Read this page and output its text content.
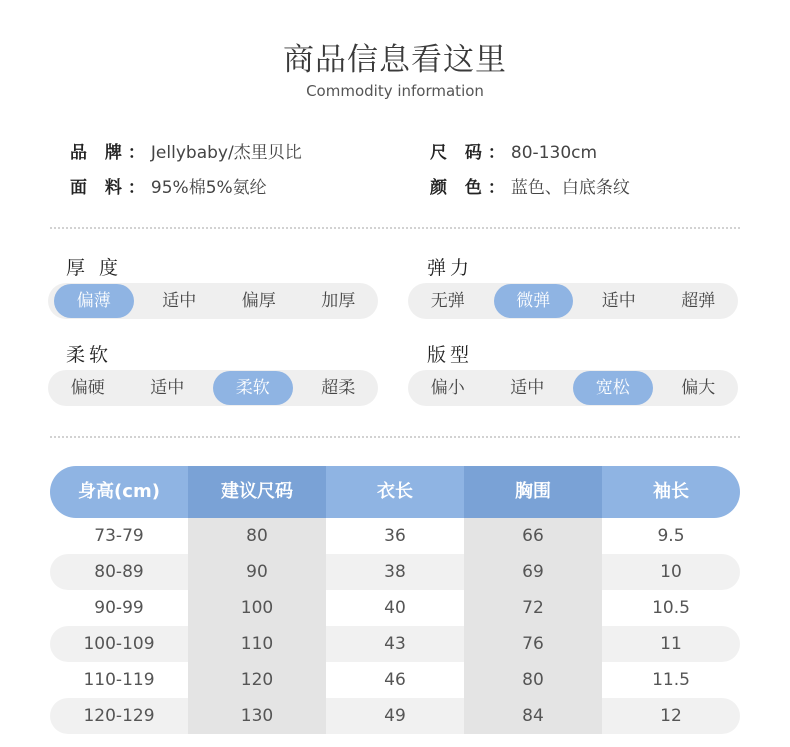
商品信息看这里
Commodity information
品 牌：Jellybaby/杰里贝比	尺 码：80-130cm
面 料：95%棉5%氨纶	颜 色：蓝色、白底条纹
厚 度
偏薄	适中	偏厚	加厚
弹力
无弹	微弹	适中	超弹
柔软
偏硬	适中	柔软	超柔
版型
偏小	适中	宽松	偏大
身高(cm)	建议尺码	衣长	胸围	袖长
73-79	80	36	66	9.5
80-89	90	38	69	10
90-99	100	40	72	10.5
100-109	110	43	76	11
110-119	120	46	80	11.5
120-129	130	49	84	12
